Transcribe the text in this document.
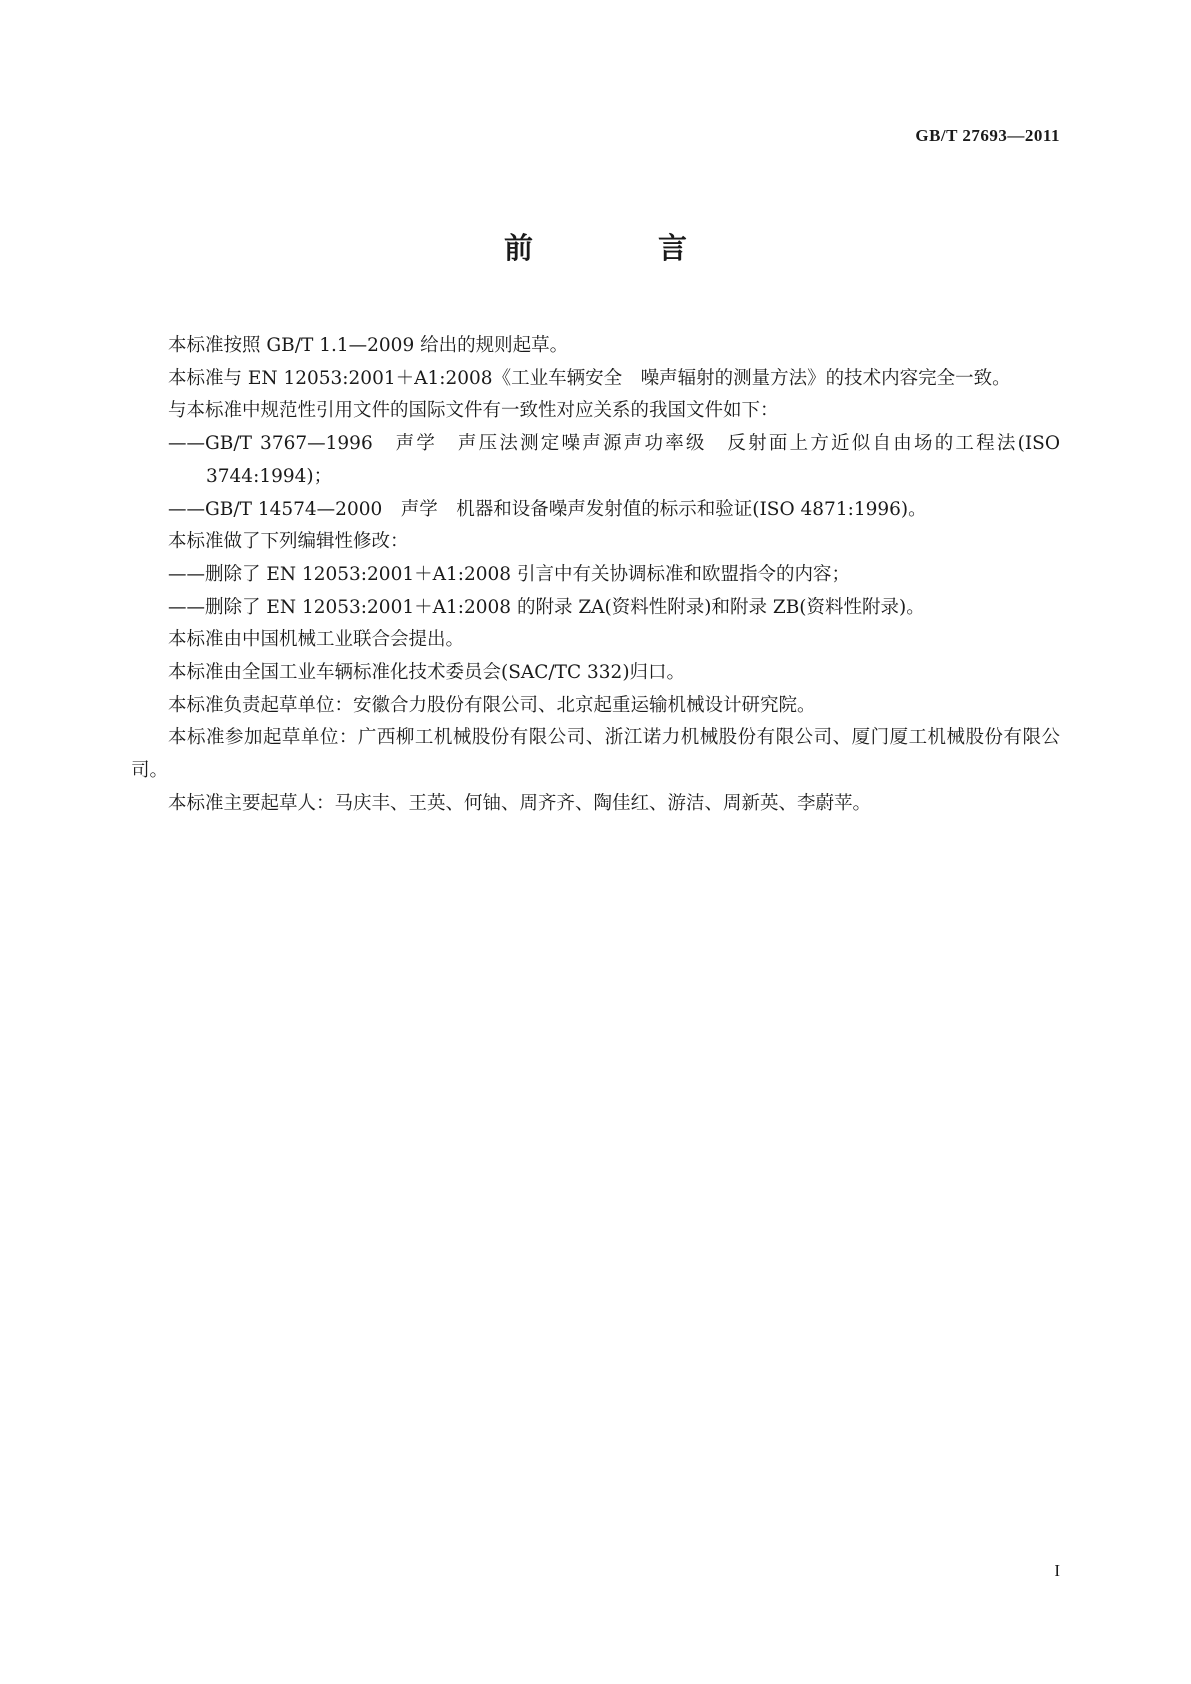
GB/T 27693—2011
前　言

本标准按照 GB/T 1.1—2009 给出的规则起草。

本标准与 EN 12053:2001＋A1:2008《工业车辆安全　噪声辐射的测量方法》的技术内容完全一致。

与本标准中规范性引用文件的国际文件有一致性对应关系的我国文件如下：

——GB/T 3767—1996　声学　声压法测定噪声源声功率级　反射面上方近似自由场的工程法(ISO 3744:1994)；

——GB/T 14574—2000　声学　机器和设备噪声发射值的标示和验证(ISO 4871:1996)。

本标准做了下列编辑性修改：

——删除了 EN 12053:2001＋A1:2008 引言中有关协调标准和欧盟指令的内容；

——删除了 EN 12053:2001＋A1:2008 的附录 ZA(资料性附录)和附录 ZB(资料性附录)。

本标准由中国机械工业联合会提出。

本标准由全国工业车辆标准化技术委员会(SAC/TC 332)归口。

本标准负责起草单位：安徽合力股份有限公司、北京起重运输机械设计研究院。

本标准参加起草单位：广西柳工机械股份有限公司、浙江诺力机械股份有限公司、厦门厦工机械股份有限公司。

本标准主要起草人：马庆丰、王英、何铀、周齐齐、陶佳红、游洁、周新英、李蔚苹。

I
